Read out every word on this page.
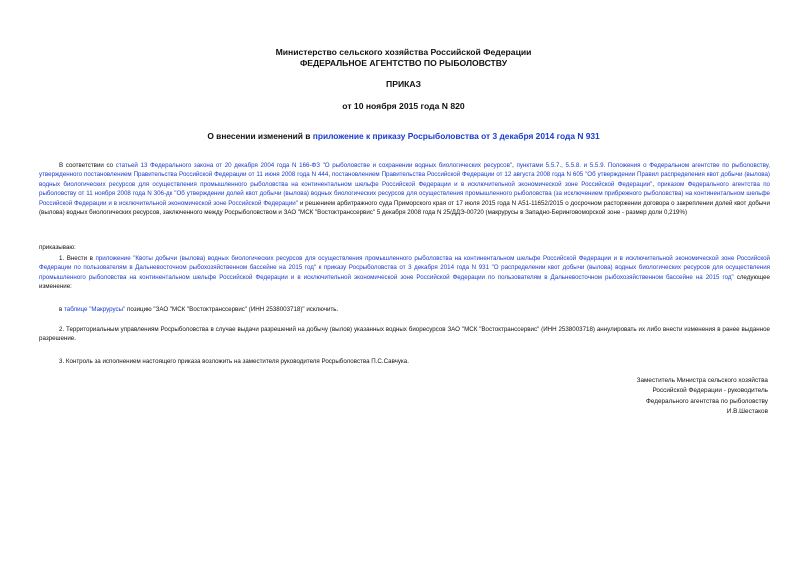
Министерство сельского хозяйства Российской Федерации
ФЕДЕРАЛЬНОЕ АГЕНТСТВО ПО РЫБОЛОВСТВУ
ПРИКАЗ
от 10 ноября 2015 года N 820
О внесении изменений в приложение к приказу Росрыболовства от 3 декабря 2014 года N 931
В соответствии со статьей 13 Федерального закона от 20 декабря 2004 года N 166-ФЗ "О рыболовстве и сохранении водных биологических ресурсов", пунктами 5.5.7., 5.5.8. и 5.5.9. Положения о Федеральном агентстве по рыболовству, утвержденного постановлением Правительства Российской Федерации от 11 июня 2008 года N 444, постановлением Правительства Российской Федерации от 12 августа 2008 года N 605 "Об утверждении Правил распределения квот добычи (вылова) водных биологических ресурсов для осуществления промышленного рыболовства на континентальном шельфе Российской Федерации и в исключительной экономической зоне Российской Федерации", приказом Федерального агентства по рыболовству от 11 ноября 2008 года N 306-дк "Об утверждении долей квот добычи (вылова) водных биологических ресурсов для осуществления промышленного рыболовства (за исключением прибрежного рыболовства) на континентальном шельфе Российской Федерации и в исключительной экономической зоне Российской Федерации" и решением арбитражного суда Приморского края от 17 июля 2015 года N А51-11652/2015 о досрочном расторжении договора о закреплении долей квот добычи (вылова) водных биологических ресурсов, заключенного между Росрыболовством и ЗАО "МСК "Востоктранссервис" 5 декабря 2008 года N 25/ДДЭ-00720 (макрурусы в Западно-Беринговоморской зоне - размер доли 0,219%)
приказываю:
1. Внести в приложение "Квоты добычи (вылова) водных биологических ресурсов для осуществления промышленного рыболовства на континентальном шельфе Российской Федерации и в исключительной экономической зоне Российской Федерации по пользователям в Дальневосточном рыбохозяйственном бассейне на 2015 год" к приказу Росрыболовства от 3 декабря 2014 года N 931 "О распределении квот добычи (вылова) водных биологических ресурсов для осуществления промышленного рыболовства на континентальном шельфе Российской Федерации и в исключительной экономической зоне Российской Федерации по пользователям в Дальневосточном рыбохозяйственном бассейне на 2015 год" следующее изменение:
в таблице "Макрурусы" позицию "ЗАО "МСК "Востоктранссервис" (ИНН 2538003718)" исключить.
2. Территориальным управлениям Росрыболовства в случае выдачи разрешений на добычу (вылов) указанных водных биоресурсов ЗАО "МСК "Востоктранссервис" (ИНН 2538003718) аннулировать их либо внести изменения в ранее выданное разрешение.
3. Контроль за исполнением настоящего приказа возложить на заместителя руководителя Росрыболовства П.С.Савчука.
Заместитель Министра сельского хозяйства
Российской Федерации - руководитель
Федерального агентства по рыболовству
И.В.Шестаков
